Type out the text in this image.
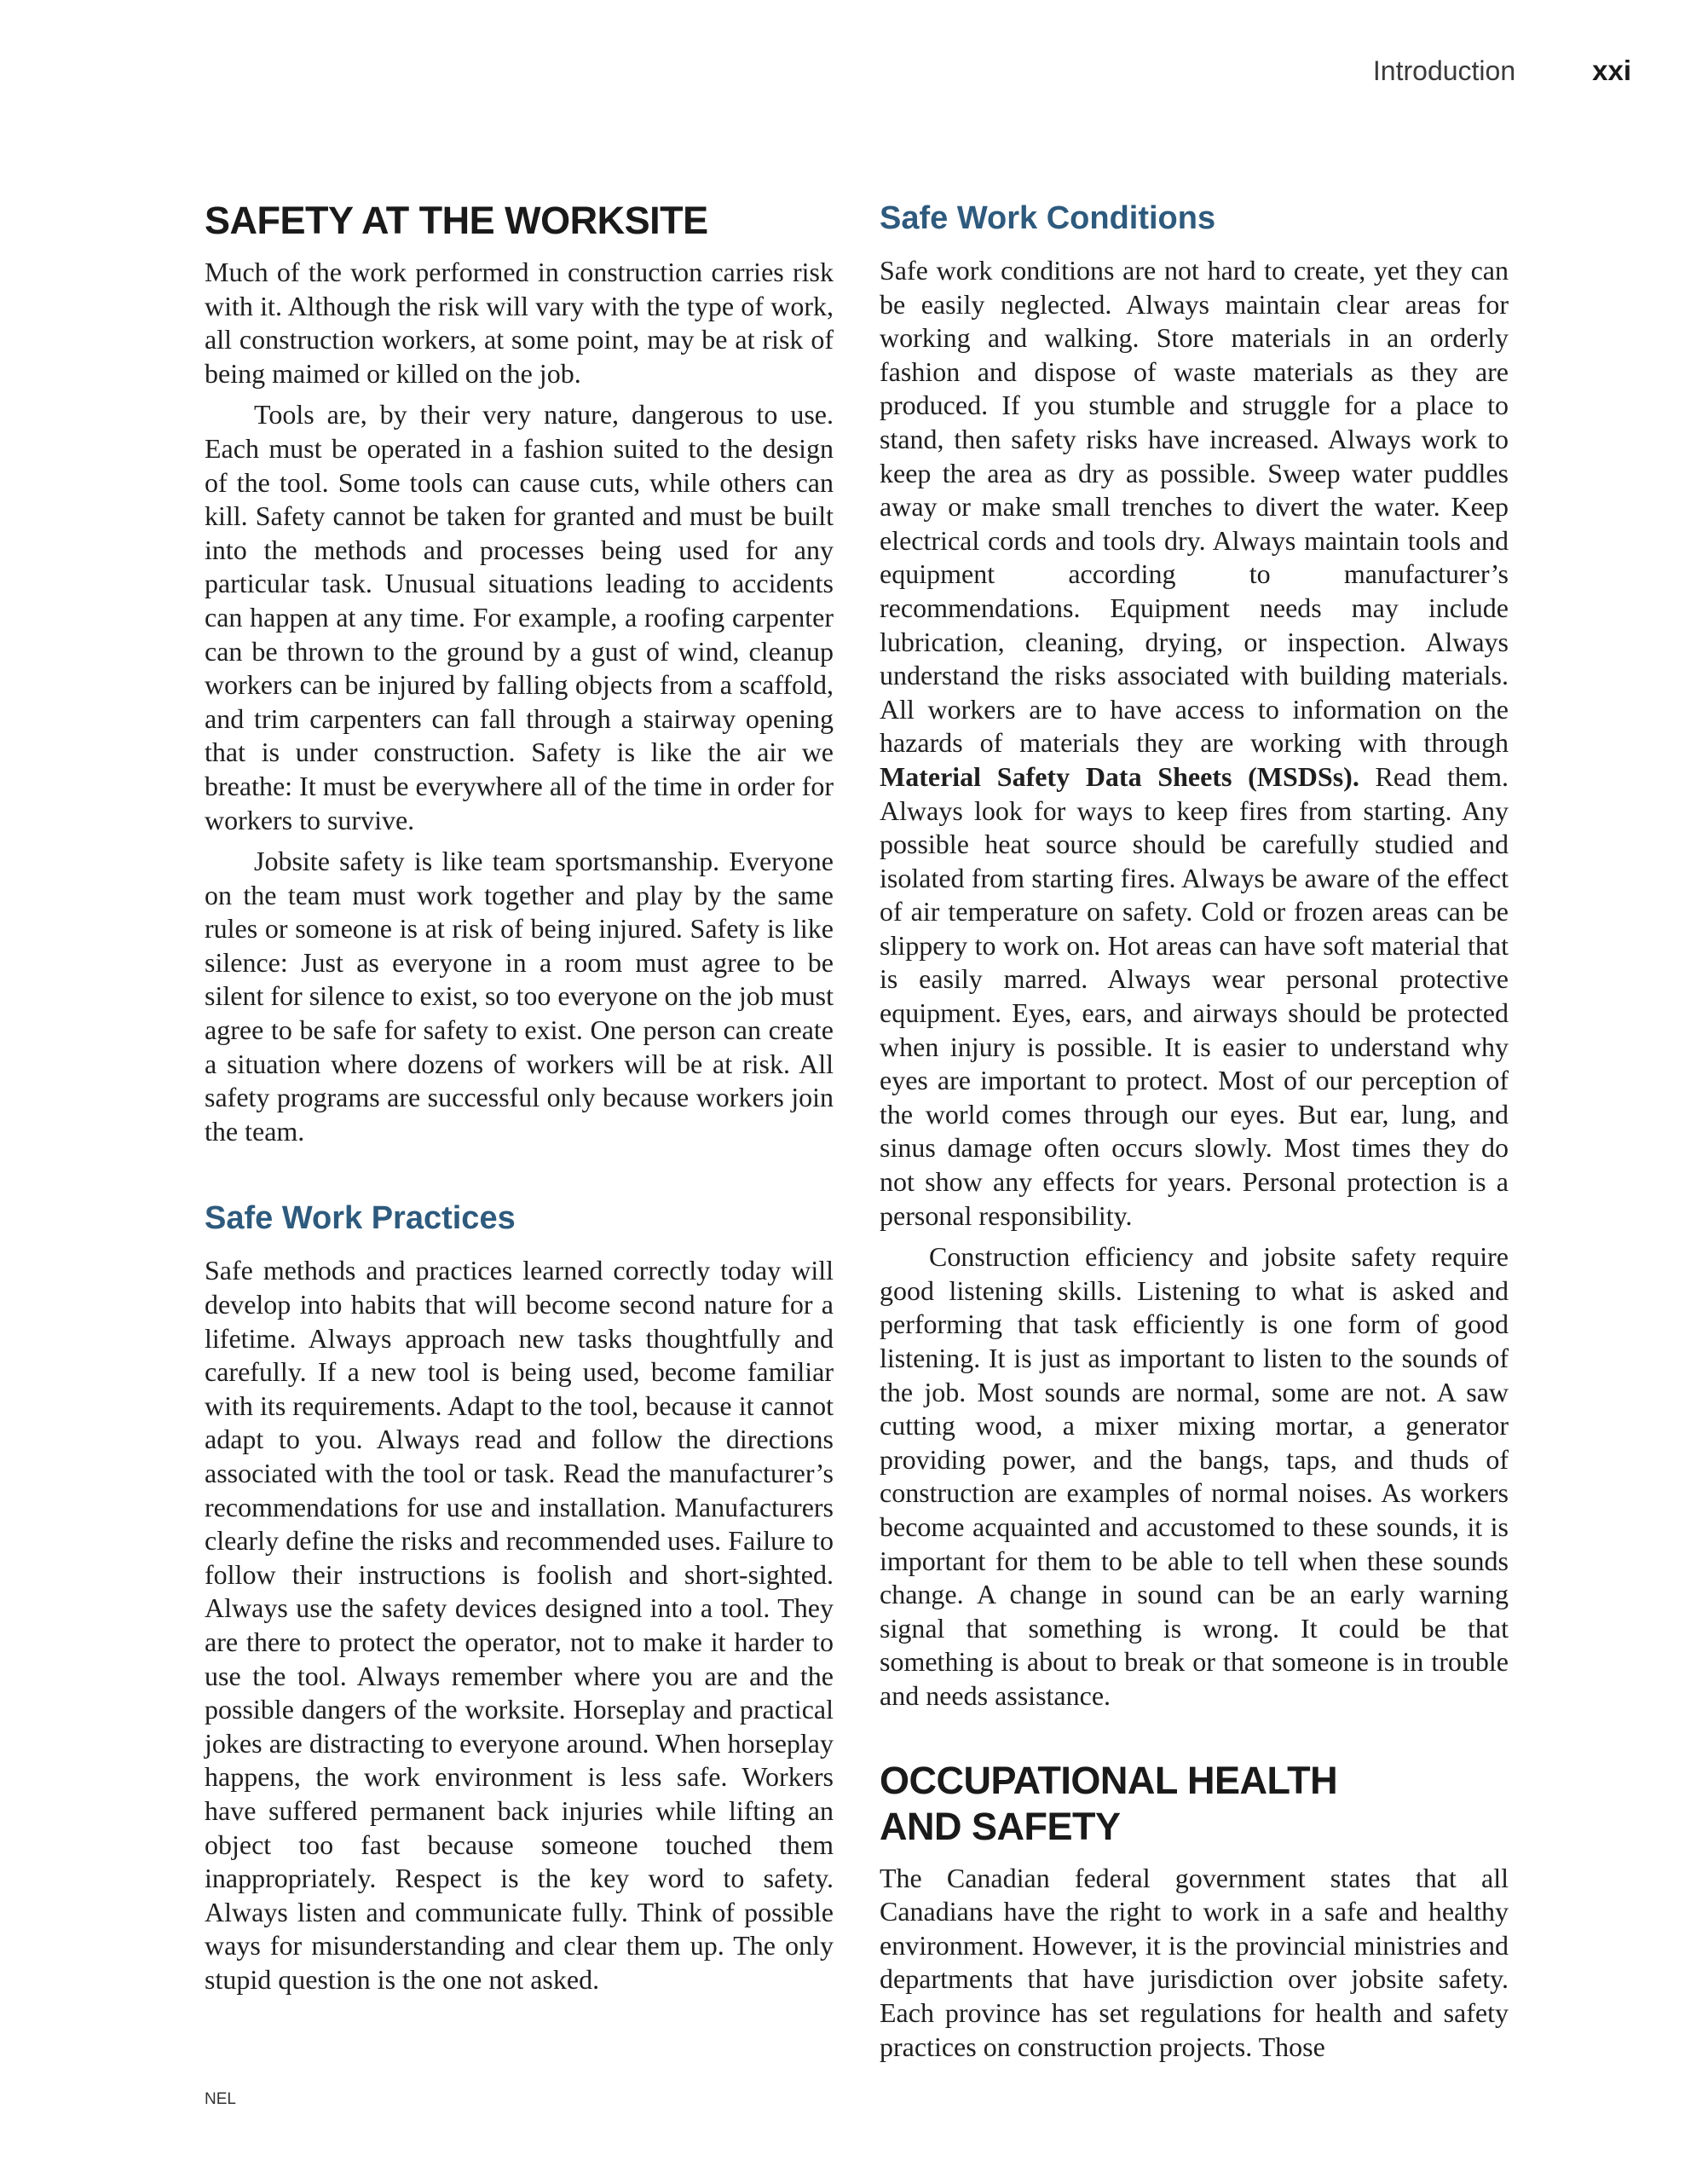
Introduction	xxi
SAFETY AT THE WORKSITE

Much of the work performed in construction carries risk with it. Although the risk will vary with the type of work, all construction workers, at some point, may be at risk of being maimed or killed on the job.

Tools are, by their very nature, dangerous to use. Each must be operated in a fashion suited to the design of the tool. Some tools can cause cuts, while others can kill. Safety cannot be taken for granted and must be built into the methods and processes being used for any particular task. Unusual situations leading to accidents can happen at any time. For example, a roofing carpenter can be thrown to the ground by a gust of wind, cleanup workers can be injured by falling objects from a scaffold, and trim carpenters can fall through a stairway opening that is under construction. Safety is like the air we breathe: It must be everywhere all of the time in order for workers to survive.

Jobsite safety is like team sportsmanship. Everyone on the team must work together and play by the same rules or someone is at risk of being injured. Safety is like silence: Just as everyone in a room must agree to be silent for silence to exist, so too everyone on the job must agree to be safe for safety to exist. One person can create a situation where dozens of workers will be at risk. All safety programs are successful only because workers join the team.

Safe Work Practices

Safe methods and practices learned correctly today will develop into habits that will become second nature for a lifetime. Always approach new tasks thoughtfully and carefully. If a new tool is being used, become familiar with its requirements. Adapt to the tool, because it cannot adapt to you. Always read and follow the directions associated with the tool or task. Read the manufacturer’s recommendations for use and installation. Manufacturers clearly define the risks and recommended uses. Failure to follow their instructions is foolish and short-sighted. Always use the safety devices designed into a tool. They are there to protect the operator, not to make it harder to use the tool. Always remember where you are and the possible dangers of the worksite. Horseplay and practical jokes are distracting to everyone around. When horseplay happens, the work environment is less safe. Workers have suffered permanent back injuries while lifting an object too fast because someone touched them inappropriately. Respect is the key word to safety. Always listen and communicate fully. Think of possible ways for misunderstanding and clear them up. The only stupid question is the one not asked.

Safe Work Conditions

Safe work conditions are not hard to create, yet they can be easily neglected. Always maintain clear areas for working and walking. Store materials in an orderly fashion and dispose of waste materials as they are produced. If you stumble and struggle for a place to stand, then safety risks have increased. Always work to keep the area as dry as possible. Sweep water puddles away or make small trenches to divert the water. Keep electrical cords and tools dry. Always maintain tools and equipment according to manufacturer’s recommendations. Equipment needs may include lubrication, cleaning, drying, or inspection. Always understand the risks associated with building materials. All workers are to have access to information on the hazards of materials they are working with through Material Safety Data Sheets (MSDSs). Read them. Always look for ways to keep fires from starting. Any possible heat source should be carefully studied and isolated from starting fires. Always be aware of the effect of air temperature on safety. Cold or frozen areas can be slippery to work on. Hot areas can have soft material that is easily marred. Always wear personal protective equipment. Eyes, ears, and airways should be protected when injury is possible. It is easier to understand why eyes are important to protect. Most of our perception of the world comes through our eyes. But ear, lung, and sinus damage often occurs slowly. Most times they do not show any effects for years. Personal protection is a personal responsibility.

Construction efficiency and jobsite safety require good listening skills. Listening to what is asked and performing that task efficiently is one form of good listening. It is just as important to listen to the sounds of the job. Most sounds are normal, some are not. A saw cutting wood, a mixer mixing mortar, a generator providing power, and the bangs, taps, and thuds of construction are examples of normal noises. As workers become acquainted and accustomed to these sounds, it is important for them to be able to tell when these sounds change. A change in sound can be an early warning signal that something is wrong. It could be that something is about to break or that someone is in trouble and needs assistance.

OCCUPATIONAL HEALTH
AND SAFETY

The Canadian federal government states that all Canadians have the right to work in a safe and healthy environment. However, it is the provincial ministries and departments that have jurisdiction over jobsite safety. Each province has set regulations for health and safety practices on construction projects. Those

NEL
